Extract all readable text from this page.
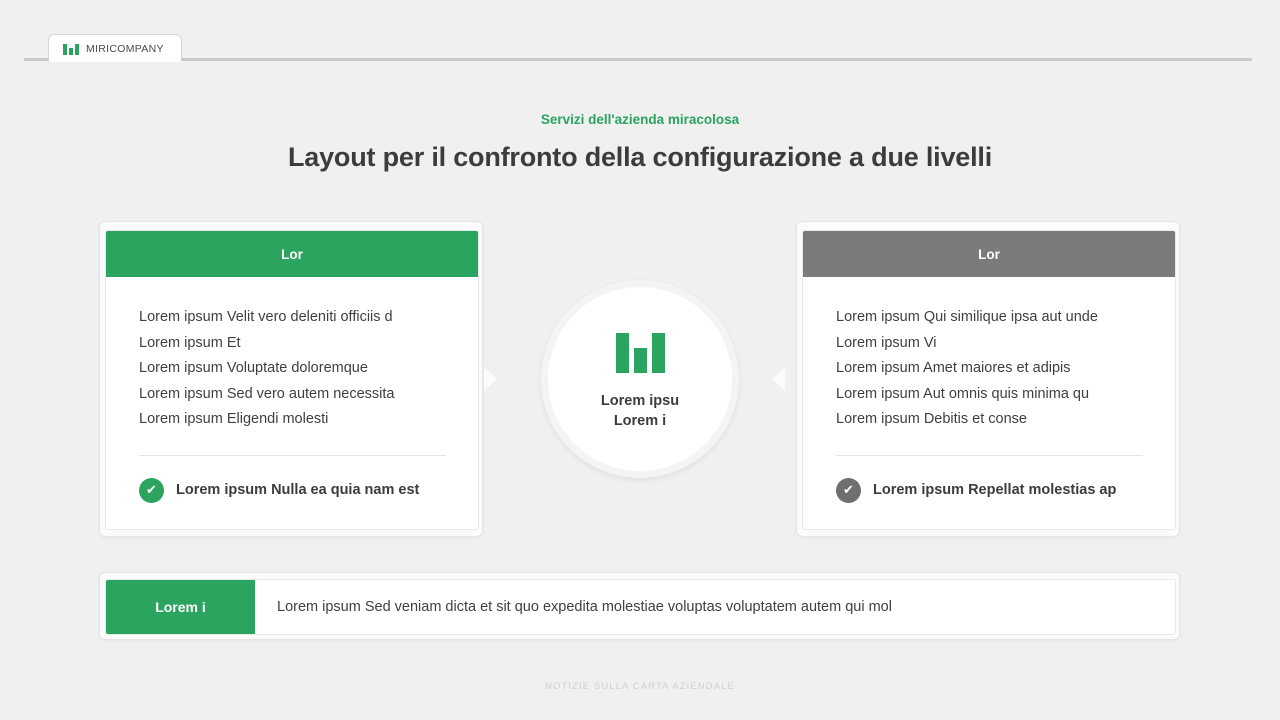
MIRICOMPANY
Servizi dell'azienda miracolosa
Layout per il confronto della configurazione a due livelli
Lor
Lorem ipsum Velit vero deleniti officiis d
Lorem ipsum Et
Lorem ipsum Voluptate doloremque
Lorem ipsum Sed vero autem necessita
Lorem ipsum Eligendi molesti
✔	Lorem ipsum Nulla ea quia nam est
Lorem ipsu
Lorem i
Lor
Lorem ipsum Qui similique ipsa aut unde
Lorem ipsum Vi
Lorem ipsum Amet maiores et adipis
Lorem ipsum Aut omnis quis minima qu
Lorem ipsum Debitis et conse
✔	Lorem ipsum Repellat molestias ap
Lorem i	Lorem ipsum Sed veniam dicta et sit quo expedita molestiae voluptas voluptatem autem qui mol
NOTIZIE SULLA CARTA AZIENDALE
